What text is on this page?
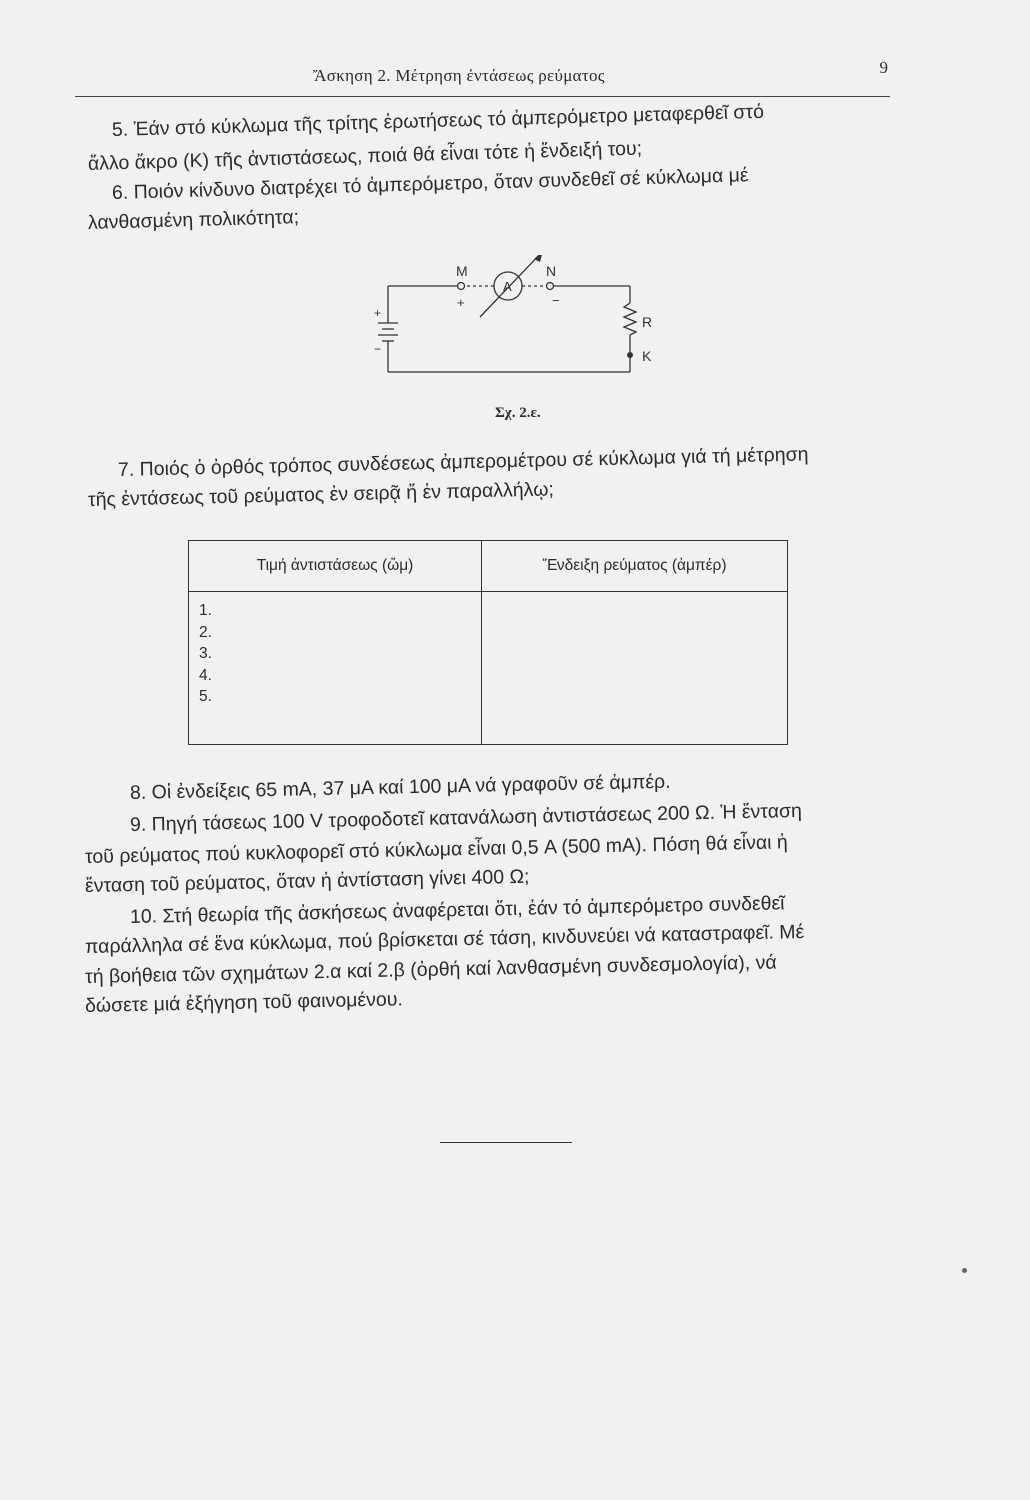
Ἄσκηση 2. Μέτρηση ἐντάσεως ρεύματος	9
5. Ἐάν στό κύκλωμα τῆς τρίτης ἐρωτήσεως τό ἀμπερόμετρο μεταφερθεῖ στό
ἄλλο ἄκρο (Κ) τῆς ἀντιστάσεως, ποιά θά εἶναι τότε ἡ ἔνδειξή του;
6. Ποιόν κίνδυνο διατρέχει τό ἀμπερόμετρο, ὅταν συνδεθεῖ σέ κύκλωμα μέ
λανθασμένη πολικότητα;
Μ	Ν
A
R
Κ
+	−
+
−
Σχ. 2.ε.
7. Ποιός ὁ ὀρθός τρόπος συνδέσεως ἀμπερομέτρου σέ κύκλωμα γιά τή μέτρηση
τῆς ἐντάσεως τοῦ ρεύματος ἐν σειρᾷ ἤ ἐν παραλλήλῳ;
Τιμή ἀντιστάσεως (ὤμ)	Ἔνδειξη ρεύματος (ἀμπέρ)

1.
2.
3.
4.
5.	

8. Οἱ ἐνδείξεις 65 mA, 37 μA καί 100 μA νά γραφοῦν σέ ἀμπέρ.
9. Πηγή τάσεως 100 V τροφοδοτεῖ κατανάλωση ἀντιστάσεως 200 Ω. Ἡ ἔνταση
τοῦ ρεύματος πού κυκλοφορεῖ στό κύκλωμα εἶναι 0,5 A (500 mA). Πόση θά εἶναι ἡ
ἔνταση τοῦ ρεύματος, ὅταν ἡ ἀντίσταση γίνει 400 Ω;
10. Στή θεωρία τῆς ἀσκήσεως ἀναφέρεται ὅτι, ἐάν τό ἀμπερόμετρο συνδεθεῖ
παράλληλα σέ ἕνα κύκλωμα, πού βρίσκεται σέ τάση, κινδυνεύει νά καταστραφεῖ. Μέ
τή βοήθεια τῶν σχημάτων 2.α καί 2.β (ὀρθή καί λανθασμένη συνδεσμολογία), νά
δώσετε μιά ἐξήγηση τοῦ φαινομένου.
